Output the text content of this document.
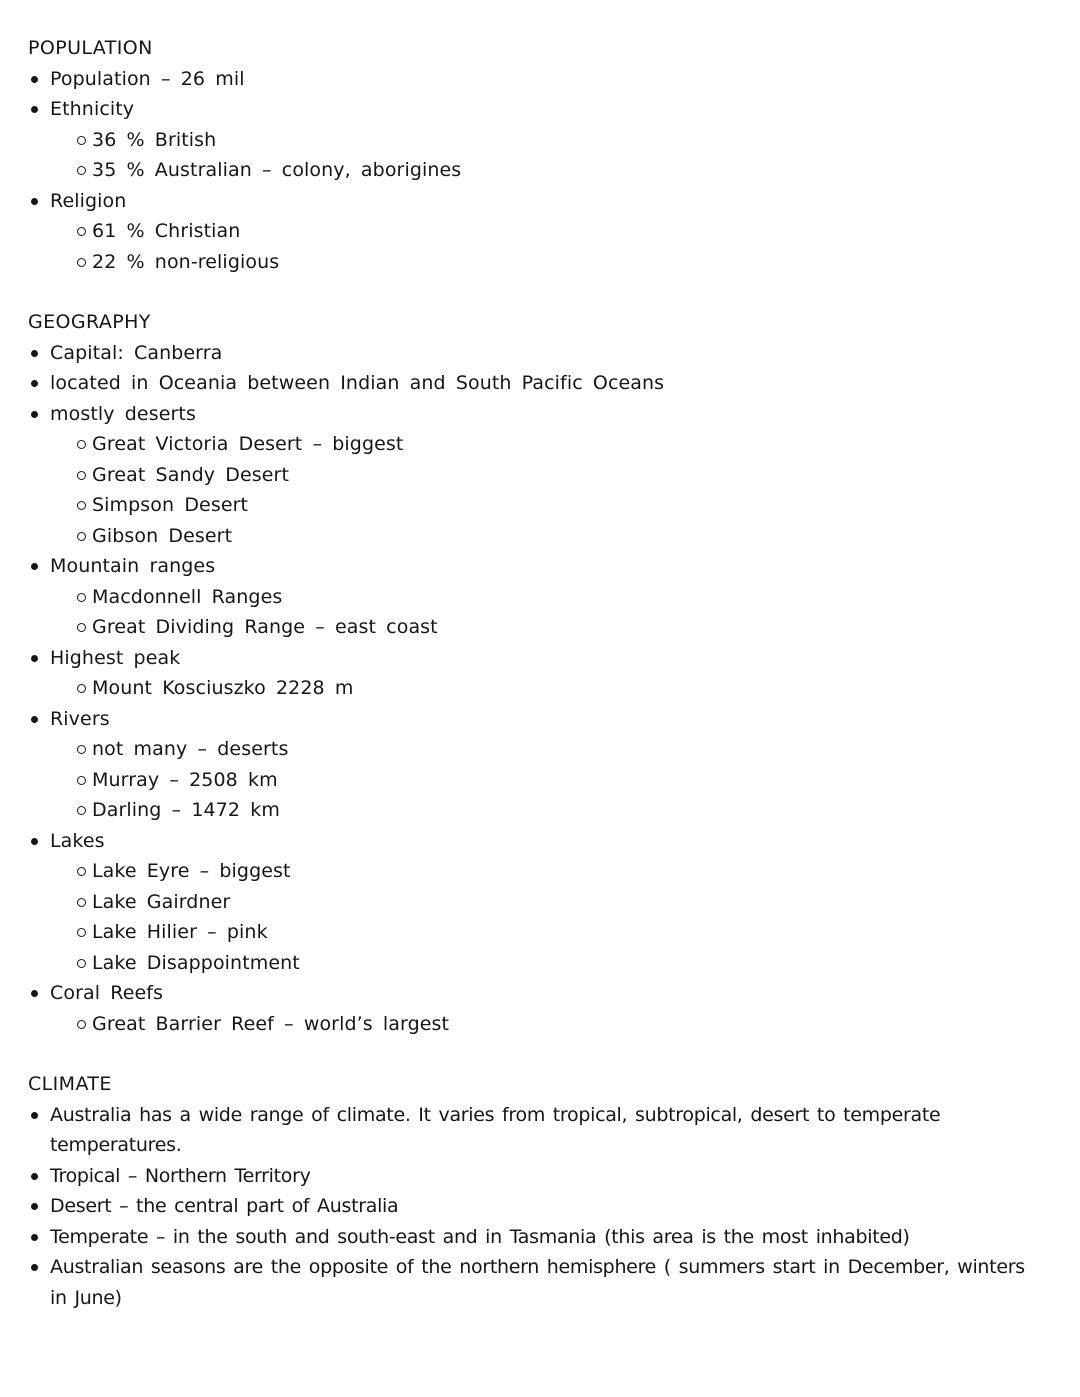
POPULATION
Population – 26 mil
Ethnicity
36 % British
35 % Australian – colony, aborigines
Religion
61 % Christian
22 % non-religious
GEOGRAPHY
Capital: Canberra
located in Oceania between Indian and South Pacific Oceans
mostly deserts
Great Victoria Desert – biggest
Great Sandy Desert
Simpson Desert
Gibson Desert
Mountain ranges
Macdonnell Ranges
Great Dividing Range – east coast
Highest peak
Mount Kosciuszko 2228 m
Rivers
not many – deserts
Murray – 2508 km
Darling – 1472 km
Lakes
Lake Eyre – biggest
Lake Gairdner
Lake Hilier – pink
Lake Disappointment
Coral Reefs
Great Barrier Reef – world’s largest
CLIMATE
Australia has a wide range of climate. It varies from tropical, subtropical, desert to temperate temperatures.
Tropical – Northern Territory
Desert – the central part of Australia
Temperate – in the south and south-east and in Tasmania (this area is the most inhabited)
Australian seasons are the opposite of the northern hemisphere ( summers start in December, winters in June)
